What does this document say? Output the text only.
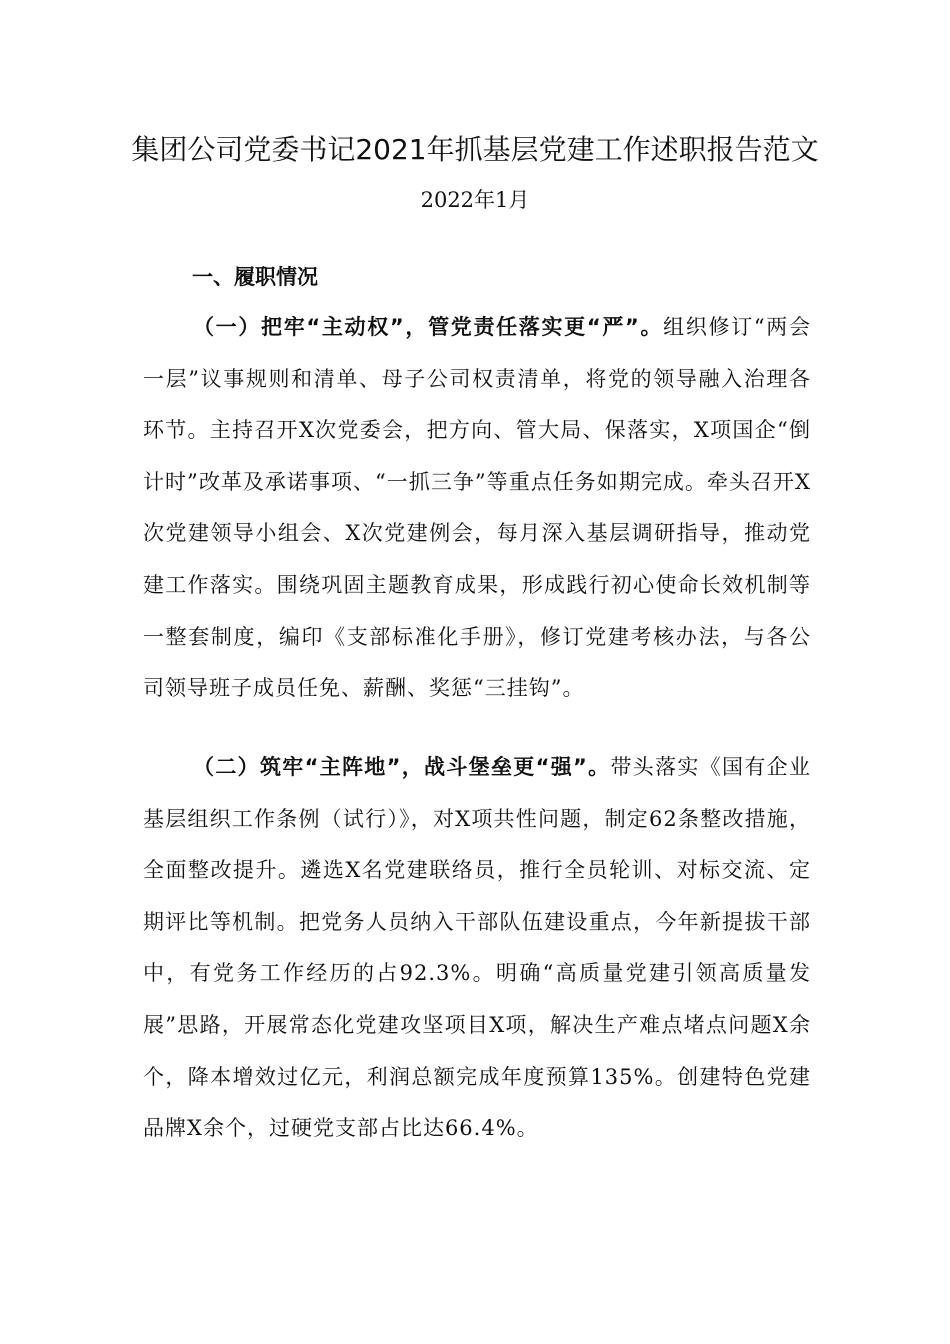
集团公司党委书记2021年抓基层党建工作述职报告范文
2022年1月
一、履职情况
（一）把牢“主动权”，管党责任落实更“严”。组织修订“两会一层”议事规则和清单、母子公司权责清单，将党的领导融入治理各环节。主持召开X次党委会，把方向、管大局、保落实，X项国企“倒计时”改革及承诺事项、“一抓三争”等重点任务如期完成。牵头召开X次党建领导小组会、X次党建例会，每月深入基层调研指导，推动党建工作落实。围绕巩固主题教育成果，形成践行初心使命长效机制等一整套制度，编印《支部标准化手册》，修订党建考核办法，与各公司领导班子成员任免、薪酬、奖惩“三挂钩”。
（二）筑牢“主阵地”，战斗堡垒更“强”。带头落实《国有企业基层组织工作条例（试行）》，对X项共性问题，制定62条整改措施，全面整改提升。遴选X名党建联络员，推行全员轮训、对标交流、定期评比等机制。把党务人员纳入干部队伍建设重点，今年新提拔干部中，有党务工作经历的占92.3%。明确“高质量党建引领高质量发展”思路，开展常态化党建攻坚项目X项，解决生产难点堵点问题X余个，降本增效过亿元，利润总额完成年度预算135%。创建特色党建品牌X余个，过硬党支部占比达66.4%。
